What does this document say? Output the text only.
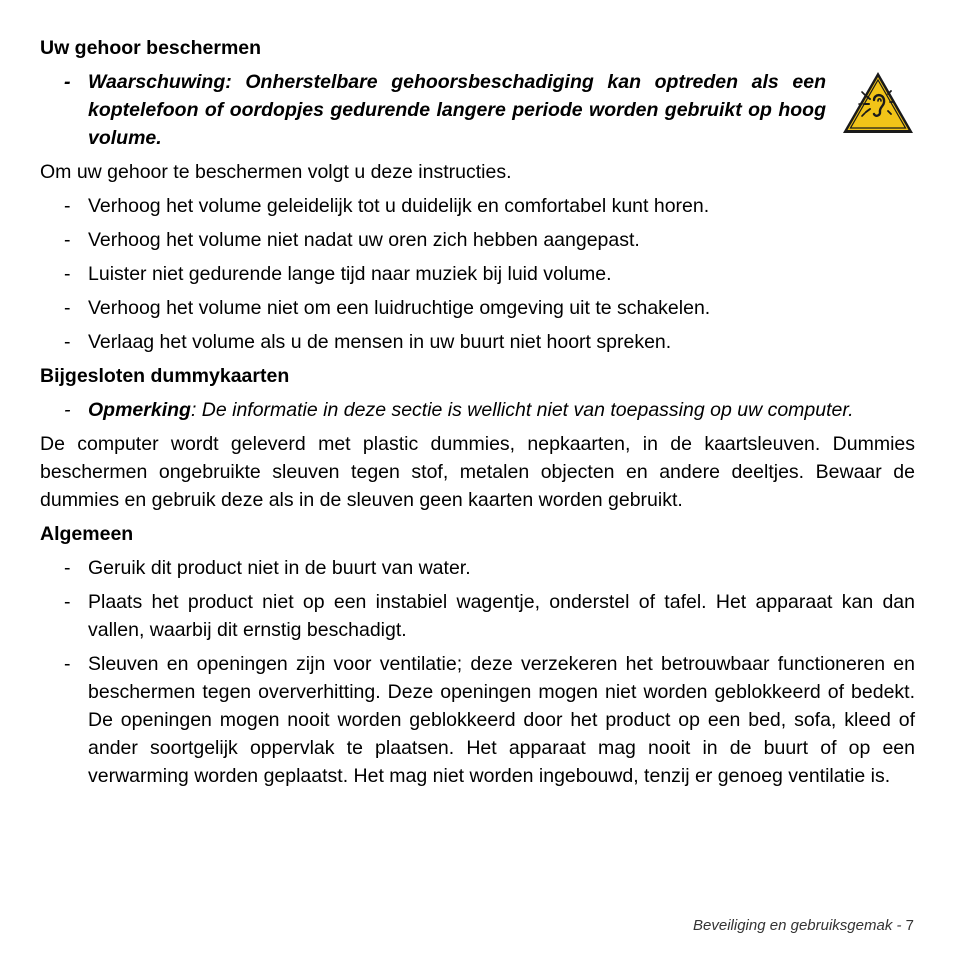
Uw gehoor beschermen
- Waarschuwing: Onherstelbare gehoorsbeschadiging kan optreden als een koptelefoon of oordopjes gedurende langere periode worden gebruikt op hoog volume.
Om uw gehoor te beschermen volgt u deze instructies.
- Verhoog het volume geleidelijk tot u duidelijk en comfortabel kunt horen.
- Verhoog het volume niet nadat uw oren zich hebben aangepast.
- Luister niet gedurende lange tijd naar muziek bij luid volume.
- Verhoog het volume niet om een luidruchtige omgeving uit te schakelen.
- Verlaag het volume als u de mensen in uw buurt niet hoort spreken.
Bijgesloten dummykaarten
- Opmerking: De informatie in deze sectie is wellicht niet van toepassing op uw computer.
De computer wordt geleverd met plastic dummies, nepkaarten, in de kaartsleuven. Dummies beschermen ongebruikte sleuven tegen stof, metalen objecten en andere deeltjes. Bewaar de dummies en gebruik deze als in de sleuven geen kaarten worden gebruikt.
Algemeen
- Geruik dit product niet in de buurt van water.
- Plaats het product niet op een instabiel wagentje, onderstel of tafel. Het apparaat kan dan vallen, waarbij dit ernstig beschadigt.
- Sleuven en openingen zijn voor ventilatie; deze verzekeren het betrouwbaar functioneren en beschermen tegen oververhitting. Deze openingen mogen niet worden geblokkeerd of bedekt. De openingen mogen nooit worden geblokkeerd door het product op een bed, sofa, kleed of ander soortgelijk oppervlak te plaatsen. Het apparaat mag nooit in de buurt of op een verwarming worden geplaatst. Het mag niet worden ingebouwd, tenzij er genoeg ventilatie is.
Beveiliging en gebruiksgemak - 7
